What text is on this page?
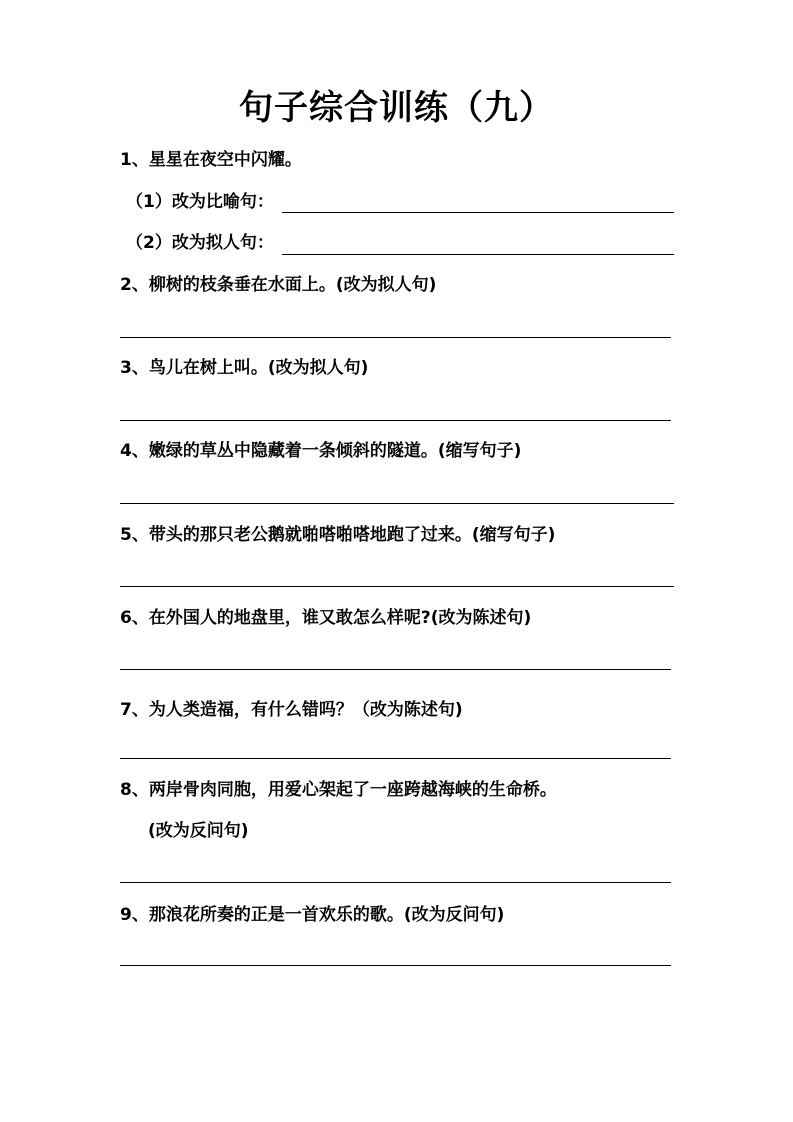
句子综合训练（九）
1、星星在夜空中闪耀。
（1）改为比喻句：
（2）改为拟人句：
2、柳树的枝条垂在水面上。(改为拟人句)
3、鸟儿在树上叫。(改为拟人句)
4、嫩绿的草丛中隐藏着一条倾斜的隧道。(缩写句子)
5、带头的那只老公鹅就啪嗒啪嗒地跑了过来。(缩写句子)
6、在外国人的地盘里，谁又敢怎么样呢?(改为陈述句)
7、为人类造福，有什么错吗？（改为陈述句)
8、两岸骨肉同胞，用爱心架起了一座跨越海峡的生命桥。
(改为反问句)
9、那浪花所奏的正是一首欢乐的歌。(改为反问句)
